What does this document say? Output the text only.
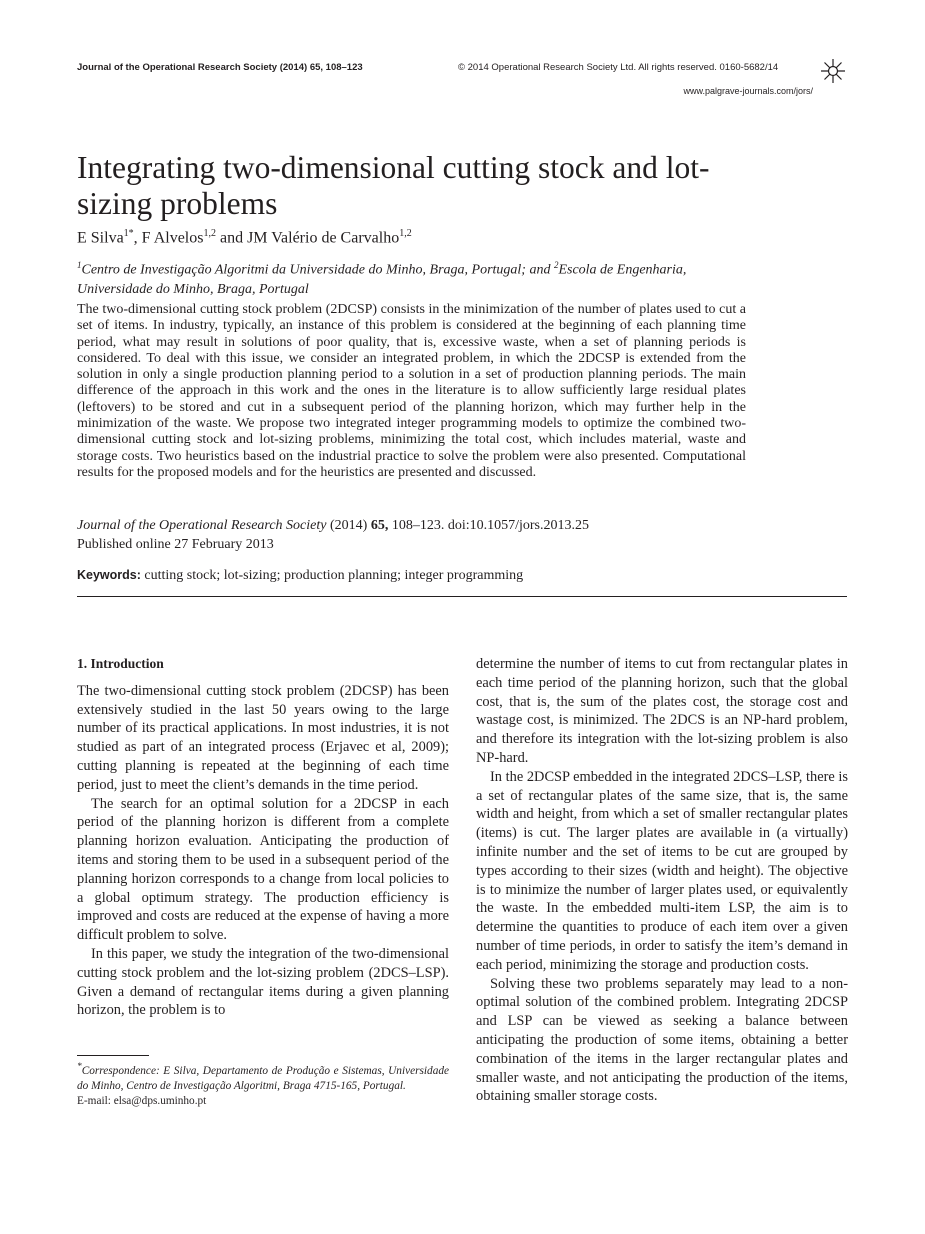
Journal of the Operational Research Society (2014) 65, 108–123	© 2014 Operational Research Society Ltd. All rights reserved. 0160-5682/14
www.palgrave-journals.com/jors/
Integrating two-dimensional cutting stock and lot-sizing problems
E Silva$^{1*}$, F Alvelos$^{1,2}$ and JM Valério de Carvalho$^{1,2}$
$^1$Centro de Investigação Algoritmi da Universidade do Minho, Braga, Portugal; and $^2$Escola de Engenharia, Universidade do Minho, Braga, Portugal
The two-dimensional cutting stock problem (2DCSP) consists in the minimization of the number of plates used to cut a set of items. In industry, typically, an instance of this problem is considered at the beginning of each planning time period, what may result in solutions of poor quality, that is, excessive waste, when a set of planning periods is considered. To deal with this issue, we consider an integrated problem, in which the 2DCSP is extended from the solution in only a single production planning period to a solution in a set of production planning periods. The main difference of the approach in this work and the ones in the literature is to allow sufficiently large residual plates (leftovers) to be stored and cut in a subsequent period of the planning horizon, which may further help in the minimization of the waste. We propose two integrated integer programming models to optimize the combined two-dimensional cutting stock and lot-sizing problems, minimizing the total cost, which includes material, waste and storage costs. Two heuristics based on the industrial practice to solve the problem were also presented. Computational results for the proposed models and for the heuristics are presented and discussed.
Journal of the Operational Research Society (2014) 65, 108–123. doi:10.1057/jors.2013.25
Published online 27 February 2013
Keywords: cutting stock; lot-sizing; production planning; integer programming
1. Introduction

The two-dimensional cutting stock problem (2DCSP) has been extensively studied in the last 50 years owing to the large number of its practical applications. In most industries, it is not studied as part of an integrated process (Erjavec et al, 2009); cutting planning is repeated at the beginning of each time period, just to meet the client’s demands in the time period.

The search for an optimal solution for a 2DCSP in each period of the planning horizon is different from a complete planning horizon evaluation. Anticipating the production of items and storing them to be used in a subsequent period of the planning horizon corresponds to a change from local policies to a global optimum strategy. The production efficiency is improved and costs are reduced at the expense of having a more difficult problem to solve.

In this paper, we study the integration of the two-dimensional cutting stock problem and the lot-sizing problem (2DCS–LSP). Given a demand of rectangular items during a given planning horizon, the problem is to

determine the number of items to cut from rectangular plates in each time period of the planning horizon, such that the global cost, that is, the sum of the plates cost, the storage cost and wastage cost, is minimized. The 2DCS is an NP-hard problem, and therefore its integration with the lot-sizing problem is also NP-hard.

In the 2DCSP embedded in the integrated 2DCS–LSP, there is a set of rectangular plates of the same size, that is, the same width and height, from which a set of smaller rectangular plates (items) is cut. The larger plates are available in (a virtually) infinite number and the set of items to be cut are grouped by types according to their sizes (width and height). The objective is to minimize the number of larger plates used, or equivalently the waste. In the embedded multi-item LSP, the aim is to determine the quantities to produce of each item over a given number of time periods, in order to satisfy the item’s demand in each period, minimizing the storage and production costs.

Solving these two problems separately may lead to a non-optimal solution of the combined problem. Integrating 2DCSP and LSP can be viewed as seeking a balance between anticipating the production of some items, obtaining a better combination of the items in the larger rectangular plates and smaller waste, and not anticipating the production of the items, obtaining smaller storage costs.

*Correspondence: E Silva, Departamento de Produção e Sistemas, Universidade do Minho, Centro de Investigação Algoritmi, Braga 4715-165, Portugal.
E-mail: elsa@dps.uminho.pt
